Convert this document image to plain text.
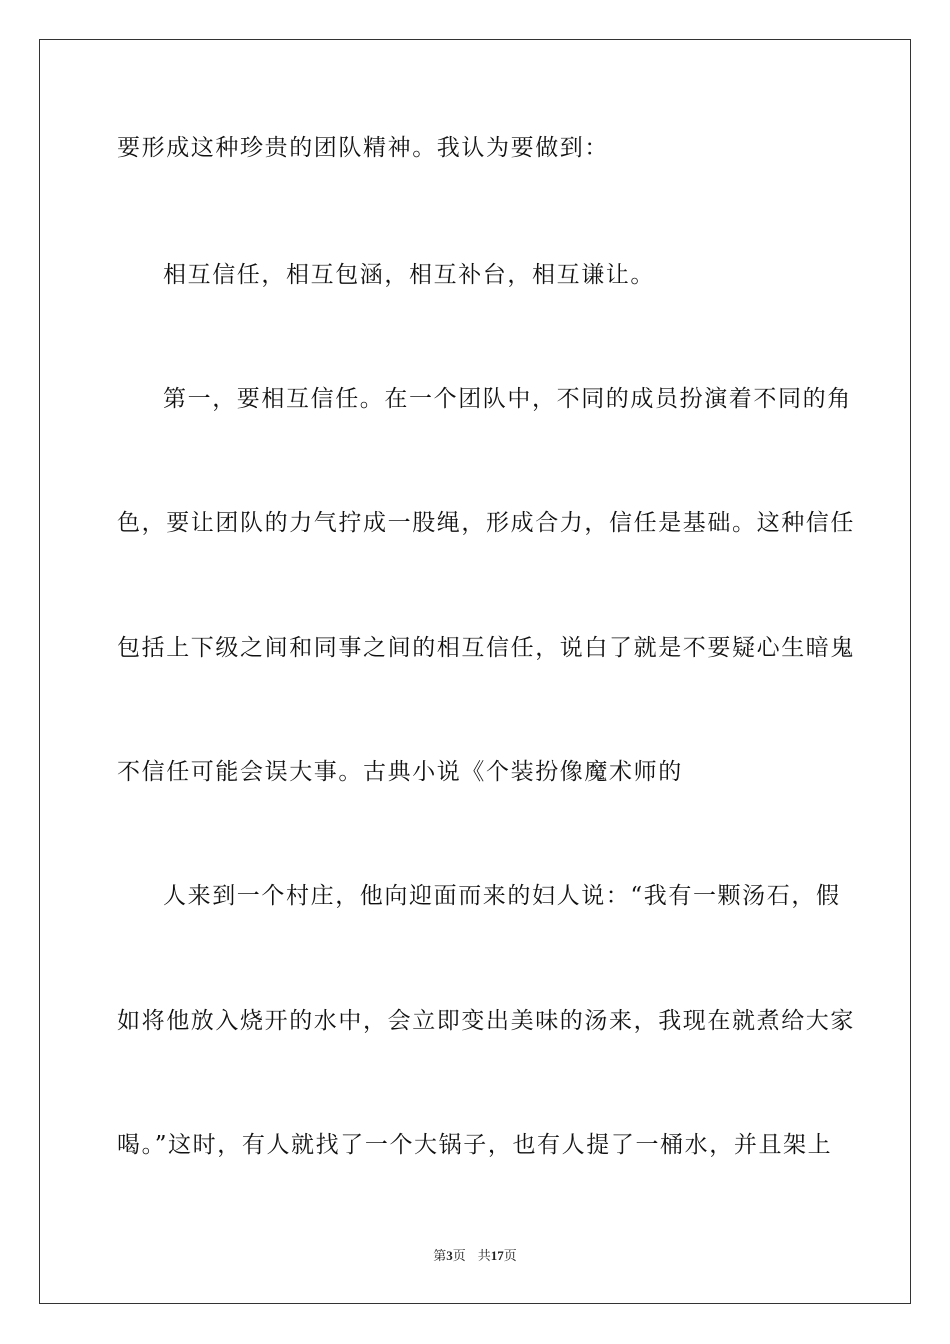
要形成这种珍贵的团队精神。我认为要做到：
相互信任，相互包涵，相互补台，相互谦让。
第一，要相互信任。在一个团队中，不同的成员扮演着不同的角
色，要让团队的力气拧成一股绳，形成合力，信任是基础。这种信任
包括上下级之间和同事之间的相互信任，说白了就是不要疑心生暗鬼
不信任可能会误大事。古典小说《个装扮像魔术师的
人来到一个村庄，他向迎面而来的妇人说：“我有一颗汤石，假
如将他放入烧开的水中，会立即变出美味的汤来，我现在就煮给大家
喝。”这时，有人就找了一个大锅子，也有人提了一桶水，并且架上
第3页 共17页
